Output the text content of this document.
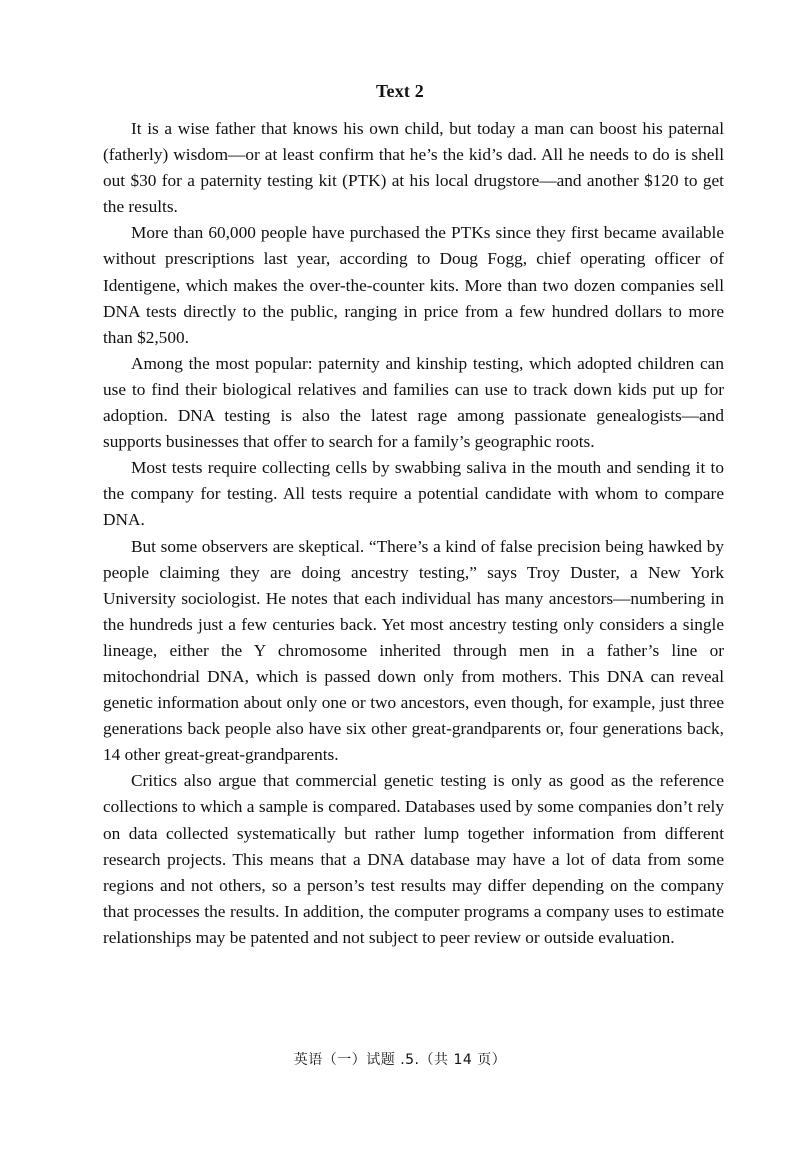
Text 2

It is a wise father that knows his own child, but today a man can boost his paternal (fatherly) wisdom—or at least confirm that he’s the kid’s dad. All he needs to do is shell out $30 for a paternity testing kit (PTK) at his local drugstore—and another $120 to get the results.

More than 60,000 people have purchased the PTKs since they first became available without prescriptions last year, according to Doug Fogg, chief operating officer of Identigene, which makes the over-the-counter kits. More than two dozen companies sell DNA tests directly to the public, ranging in price from a few hundred dollars to more than $2,500.

Among the most popular: paternity and kinship testing, which adopted children can use to find their biological relatives and families can use to track down kids put up for adoption. DNA testing is also the latest rage among passionate genealogists—and supports businesses that offer to search for a family’s geographic roots.

Most tests require collecting cells by swabbing saliva in the mouth and sending it to the company for testing. All tests require a potential candidate with whom to compare DNA.

But some observers are skeptical. “There’s a kind of false precision being hawked by people claiming they are doing ancestry testing,” says Troy Duster, a New York University sociologist. He notes that each individual has many ancestors—numbering in the hundreds just a few centuries back. Yet most ancestry testing only considers a single lineage, either the Y chromosome inherited through men in a father’s line or mitochondrial DNA, which is passed down only from mothers. This DNA can reveal genetic information about only one or two ancestors, even though, for example, just three generations back people also have six other great-grandparents or, four generations back, 14 other great-great-grandparents.

Critics also argue that commercial genetic testing is only as good as the reference collections to which a sample is compared. Databases used by some companies don’t rely on data collected systematically but rather lump together information from different research projects. This means that a DNA database may have a lot of data from some regions and not others, so a person’s test results may differ depending on the company that processes the results. In addition, the computer programs a company uses to estimate relationships may be patented and not subject to peer review or outside evaluation.

英语（一）试题 .5.（共 14 页）
